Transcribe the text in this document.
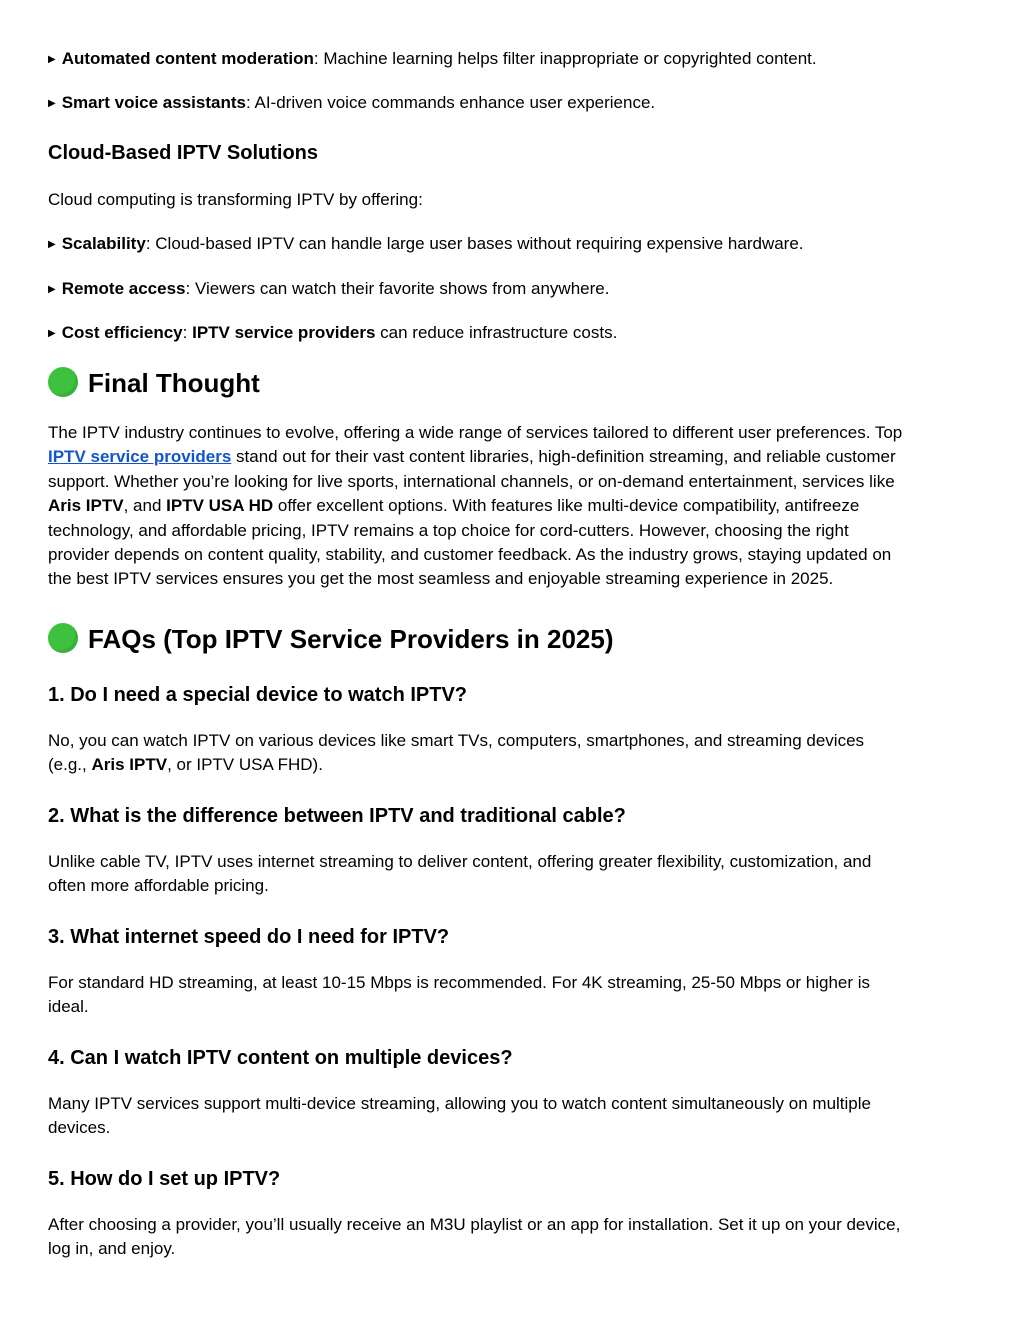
▶ Automated content moderation: Machine learning helps filter inappropriate or copyrighted content.
▶ Smart voice assistants: AI-driven voice commands enhance user experience.
Cloud-Based IPTV Solutions
Cloud computing is transforming IPTV by offering:
▶ Scalability: Cloud-based IPTV can handle large user bases without requiring expensive hardware.
▶ Remote access: Viewers can watch their favorite shows from anywhere.
▶ Cost efficiency: IPTV service providers can reduce infrastructure costs.
Final Thought
The IPTV industry continues to evolve, offering a wide range of services tailored to different user preferences. Top
IPTV service providers stand out for their vast content libraries, high-definition streaming, and reliable customer
support. Whether you’re looking for live sports, international channels, or on-demand entertainment, services like
Aris IPTV, and IPTV USA HD offer excellent options. With features like multi-device compatibility, antifreeze
technology, and affordable pricing, IPTV remains a top choice for cord-cutters. However, choosing the right
provider depends on content quality, stability, and customer feedback. As the industry grows, staying updated on
the best IPTV services ensures you get the most seamless and enjoyable streaming experience in 2025.
FAQs (Top IPTV Service Providers in 2025)
1. Do I need a special device to watch IPTV?
No, you can watch IPTV on various devices like smart TVs, computers, smartphones, and streaming devices
(e.g., Aris IPTV, or IPTV USA FHD).
2. What is the difference between IPTV and traditional cable?
Unlike cable TV, IPTV uses internet streaming to deliver content, offering greater flexibility, customization, and
often more affordable pricing.
3. What internet speed do I need for IPTV?
For standard HD streaming, at least 10-15 Mbps is recommended. For 4K streaming, 25-50 Mbps or higher is
ideal.
4. Can I watch IPTV content on multiple devices?
Many IPTV services support multi-device streaming, allowing you to watch content simultaneously on multiple
devices.
5. How do I set up IPTV?
After choosing a provider, you’ll usually receive an M3U playlist or an app for installation. Set it up on your device,
log in, and enjoy.
